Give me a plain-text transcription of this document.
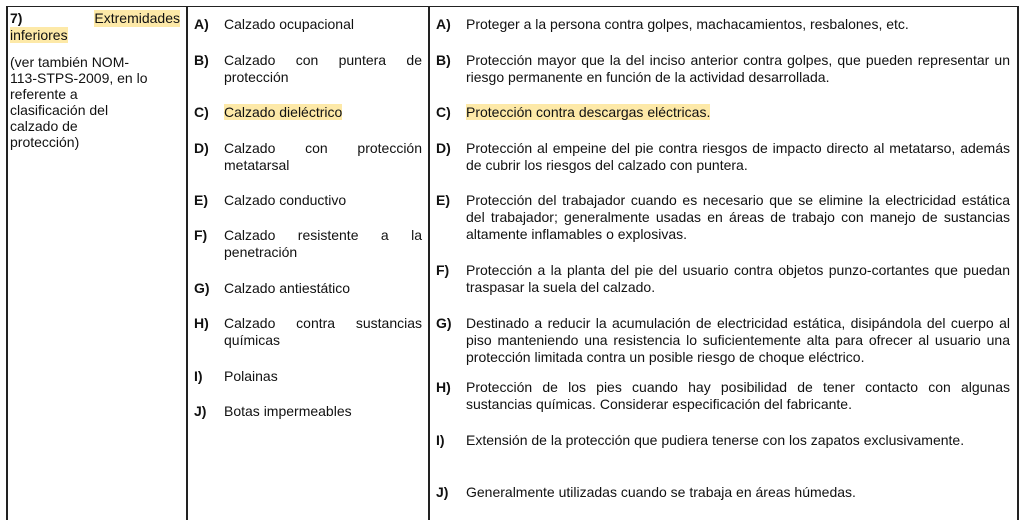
7)	Extremidades
inferiores
(ver también NOM-113-STPS-2009, en lo referente a clasificación del calzado de protección)
A) Calzado ocupacional
B) Calzado con puntera de protección
C) Calzado dieléctrico
D) Calzado con protección metatarsal
E) Calzado conductivo
F) Calzado resistente a la penetración
G) Calzado antiestático
H) Calzado contra sustancias químicas
I) Polainas
J) Botas impermeables
A) Proteger a la persona contra golpes, machacamientos, resbalones, etc.
B) Protección mayor que la del inciso anterior contra golpes, que pueden representar un riesgo permanente en función de la actividad desarrollada.
C) Protección contra descargas eléctricas.
D) Protección al empeine del pie contra riesgos de impacto directo al metatarso, además de cubrir los riesgos del calzado con puntera.
E) Protección del trabajador cuando es necesario que se elimine la electricidad estática del trabajador; generalmente usadas en áreas de trabajo con manejo de sustancias altamente inflamables o explosivas.
F) Protección a la planta del pie del usuario contra objetos punzo-cortantes que puedan traspasar la suela del calzado.
G) Destinado a reducir la acumulación de electricidad estática, disipándola del cuerpo al piso manteniendo una resistencia lo suficientemente alta para ofrecer al usuario una protección limitada contra un posible riesgo de choque eléctrico.
H) Protección de los pies cuando hay posibilidad de tener contacto con algunas sustancias químicas. Considerar especificación del fabricante.
I) Extensión de la protección que pudiera tenerse con los zapatos exclusivamente.
J) Generalmente utilizadas cuando se trabaja en áreas húmedas.
